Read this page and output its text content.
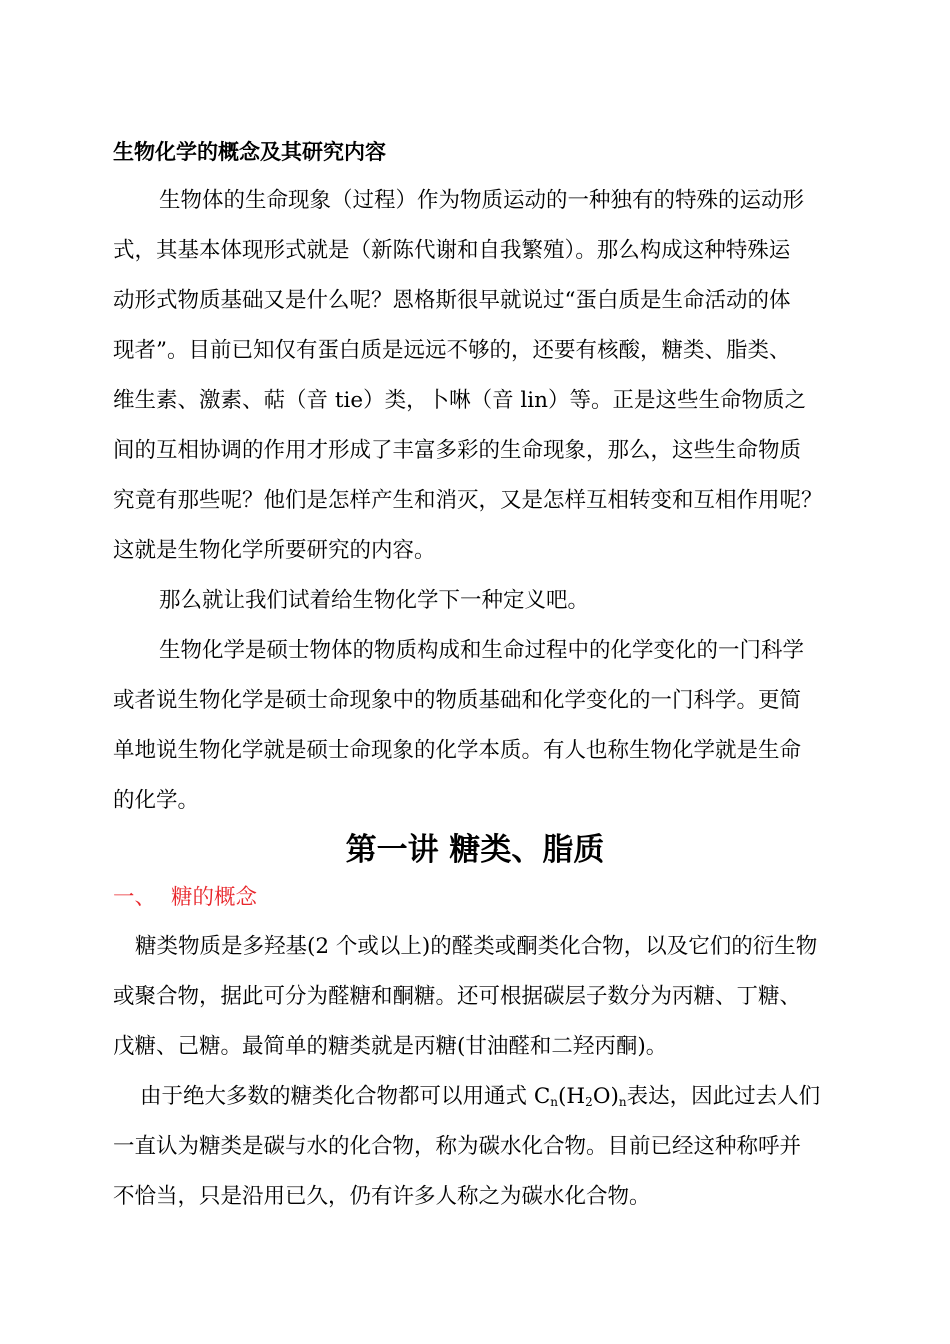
生物化学的概念及其研究内容
生物体的生命现象（过程）作为物质运动的一种独有的特殊的运动形
式，其基本体现形式就是（新陈代谢和自我繁殖）。那么构成这种特殊运
动形式物质基础又是什么呢？恩格斯很早就说过“蛋白质是生命活动的体
现者”。目前已知仅有蛋白质是远远不够的，还要有核酸，糖类、脂类、
维生素、激素、萜（音 tie）类，卜啉（音 lin）等。正是这些生命物质之
间的互相协调的作用才形成了丰富多彩的生命现象，那么，这些生命物质
究竟有那些呢？他们是怎样产生和消灭，又是怎样互相转变和互相作用呢？
这就是生物化学所要研究的内容。
那么就让我们试着给生物化学下一种定义吧。
生物化学是硕士物体的物质构成和生命过程中的化学变化的一门科学
或者说生物化学是硕士命现象中的物质基础和化学变化的一门科学。更简
单地说生物化学就是硕士命现象的化学本质。有人也称生物化学就是生命
的化学。
第一讲 糖类、脂质
一、 糖的概念
糖类物质是多羟基(2 个或以上)的醛类或酮类化合物，以及它们的衍生物
或聚合物，据此可分为醛糖和酮糖。还可根据碳层子数分为丙糖、丁糖、
戊糖、己糖。最简单的糖类就是丙糖(甘油醛和二羟丙酮)。
由于绝大多数的糖类化合物都可以用通式 $C_n(H_2O)_n$表达，因此过去人们
一直认为糖类是碳与水的化合物，称为碳水化合物。目前已经这种称呼并
不恰当，只是沿用已久，仍有许多人称之为碳水化合物。
